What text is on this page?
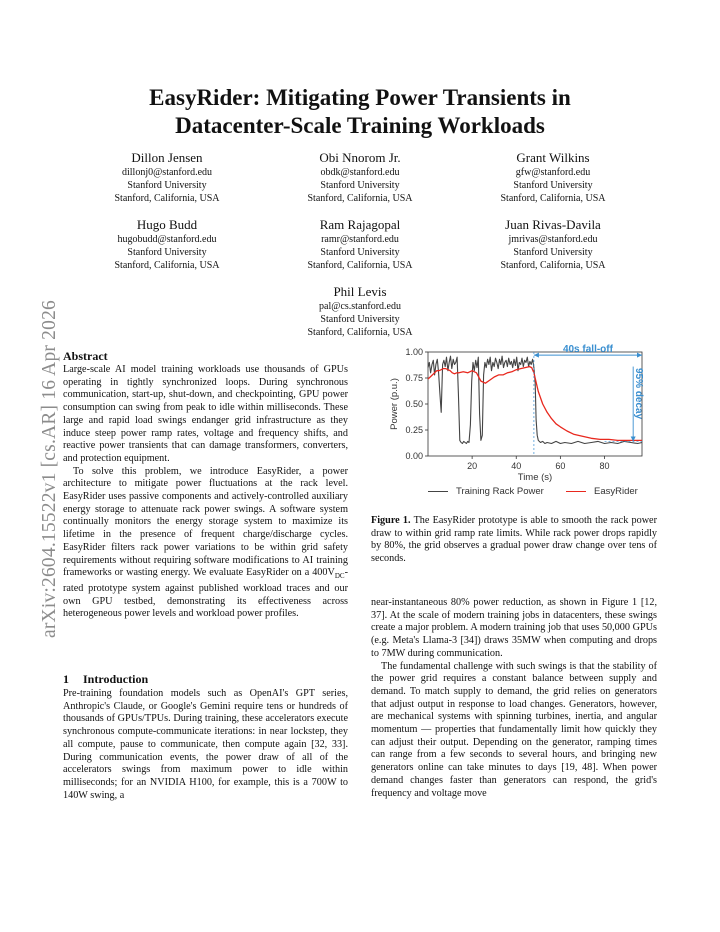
arXiv:2604.15522v1 [cs.AR] 16 Apr 2026
EasyRider: Mitigating Power Transients in
Datacenter-Scale Training Workloads
Dillon Jensen
dillonj0@stanford.edu
Stanford University
Stanford, California, USA
Obi Nnorom Jr.
obdk@stanford.edu
Stanford University
Stanford, California, USA
Grant Wilkins
gfw@stanford.edu
Stanford University
Stanford, California, USA
Hugo Budd
hugobudd@stanford.edu
Stanford University
Stanford, California, USA
Ram Rajagopal
ramr@stanford.edu
Stanford University
Stanford, California, USA
Juan Rivas-Davila
jmrivas@stanford.edu
Stanford University
Stanford, California, USA
Phil Levis
pal@cs.stanford.edu
Stanford University
Stanford, California, USA
Abstract

Large-scale AI model training workloads use thousands of GPUs operating in tightly synchronized loops. During synchronous communication, start-up, shut-down, and checkpointing, GPU power consumption can swing from peak to idle within milliseconds. These large and rapid load swings endanger grid infrastructure as they induce steep power ramp rates, voltage and frequency shifts, and reactive power transients that can damage transformers, converters, and protection equipment.

To solve this problem, we introduce EasyRider, a power architecture to mitigate power fluctuations at the rack level. EasyRider uses passive components and actively-controlled auxiliary energy storage to attenuate rack power swings. A software system continually monitors the energy storage system to maximize its lifetime in the presence of frequent charge/discharge cycles. EasyRider filters rack power variations to be within grid safety requirements without requiring software modifications to AI training frameworks or wasting energy. We evaluate EasyRider on a $400V_{DC}$-rated prototype system against published workload traces and our own GPU testbed, demonstrating its effectiveness across heterogeneous power levels and workload power profiles.

1 Introduction

Pre-training foundation models such as OpenAI's GPT series, Anthropic's Claude, or Google's Gemini require tens or hundreds of thousands of GPUs/TPUs. During training, these accelerators execute synchronous compute-communicate iterations: in near lockstep, they all compute, pause to communicate, then compute again [32, 33]. During communication events, the power draw of all of the accelerators swings from maximum power to idle within milliseconds; for an NVIDIA H100, for example, this is a 700W to 140W swing, a

0.00
0.25
0.50
0.75
1.00
20	40	60	80
Time (s)
Power (p.u.)
40s fall-off
95% decay
Training Rack Power	EasyRider
Figure 1. The EasyRider prototype is able to smooth the rack power draw to within grid ramp rate limits. While rack power drops rapidly by 80%, the grid observes a gradual power draw change over tens of seconds.

near-instantaneous 80% power reduction, as shown in Figure 1 [12, 37]. At the scale of modern training jobs in datacenters, these swings create a major problem. A modern training job that uses 50,000 GPUs (e.g. Meta's Llama-3 [34]) draws 35MW when computing and drops to 7MW during communication.

The fundamental challenge with such swings is that the stability of the power grid requires a constant balance between supply and demand. To match supply to demand, the grid relies on generators that adjust output in response to load changes. Generators, however, are mechanical systems with spinning turbines, inertia, and angular momentum — properties that fundamentally limit how quickly they can adjust their output. Depending on the generator, ramping times can range from a few seconds to several hours, and bringing new generators online can take minutes to days [19, 48]. When power demand changes faster than generators can respond, the grid's frequency and voltage move
